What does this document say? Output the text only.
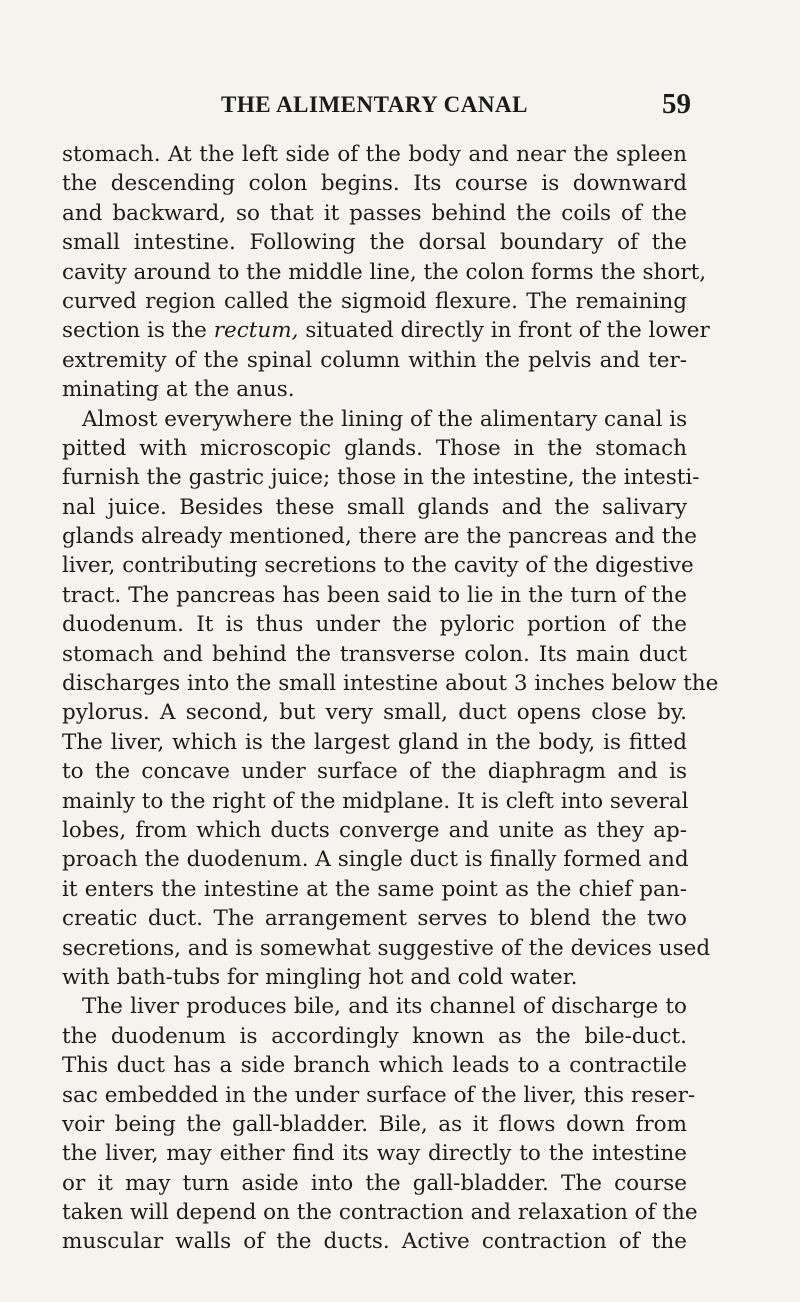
THE ALIMENTARY CANAL	59
stomach. At the left side of the body and near the spleen
the descending colon begins. Its course is downward
and backward, so that it passes behind the coils of the
small intestine. Following the dorsal boundary of the
cavity around to the middle line, the colon forms the short,
curved region called the sigmoid flexure. The remaining
section is the rectum, situated directly in front of the lower
extremity of the spinal column within the pelvis and ter-
minating at the anus.
Almost everywhere the lining of the alimentary canal is
pitted with microscopic glands. Those in the stomach
furnish the gastric juice; those in the intestine, the intesti-
nal juice. Besides these small glands and the salivary
glands already mentioned, there are the pancreas and the
liver, contributing secretions to the cavity of the digestive
tract. The pancreas has been said to lie in the turn of the
duodenum. It is thus under the pyloric portion of the
stomach and behind the transverse colon. Its main duct
discharges into the small intestine about 3 inches below the
pylorus. A second, but very small, duct opens close by.
The liver, which is the largest gland in the body, is fitted
to the concave under surface of the diaphragm and is
mainly to the right of the midplane. It is cleft into several
lobes, from which ducts converge and unite as they ap-
proach the duodenum. A single duct is finally formed and
it enters the intestine at the same point as the chief pan-
creatic duct. The arrangement serves to blend the two
secretions, and is somewhat suggestive of the devices used
with bath-tubs for mingling hot and cold water.
The liver produces bile, and its channel of discharge to
the duodenum is accordingly known as the bile-duct.
This duct has a side branch which leads to a contractile
sac embedded in the under surface of the liver, this reser-
voir being the gall-bladder. Bile, as it flows down from
the liver, may either find its way directly to the intestine
or it may turn aside into the gall-bladder. The course
taken will depend on the contraction and relaxation of the
muscular walls of the ducts. Active contraction of the
